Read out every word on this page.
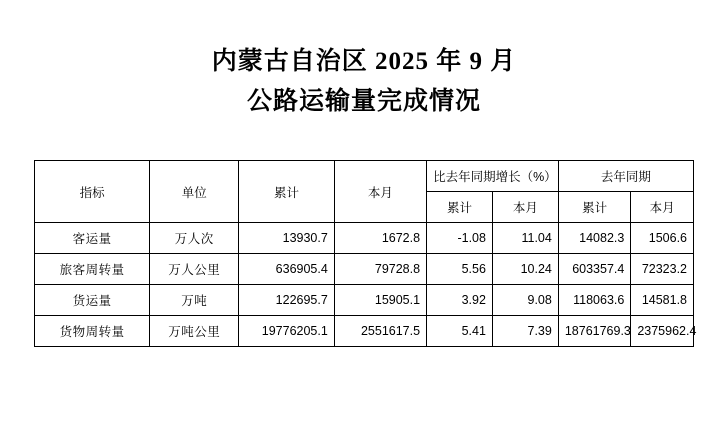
内蒙古自治区 2025 年 9 月
公路运输量完成情况
指标	单位	累计	本月	比去年同期增长（%）		去年同期	
				累计	本月	累计	本月
客运量	万人次	13930.7	1672.8	-1.08	11.04	14082.3	1506.6
旅客周转量	万人公里	636905.4	79728.8	5.56	10.24	603357.4	72323.2
货运量	万吨	122695.7	15905.1	3.92	9.08	118063.6	14581.8
货物周转量	万吨公里	19776205.1	2551617.5	5.41	7.39	18761769.3	2375962.4
